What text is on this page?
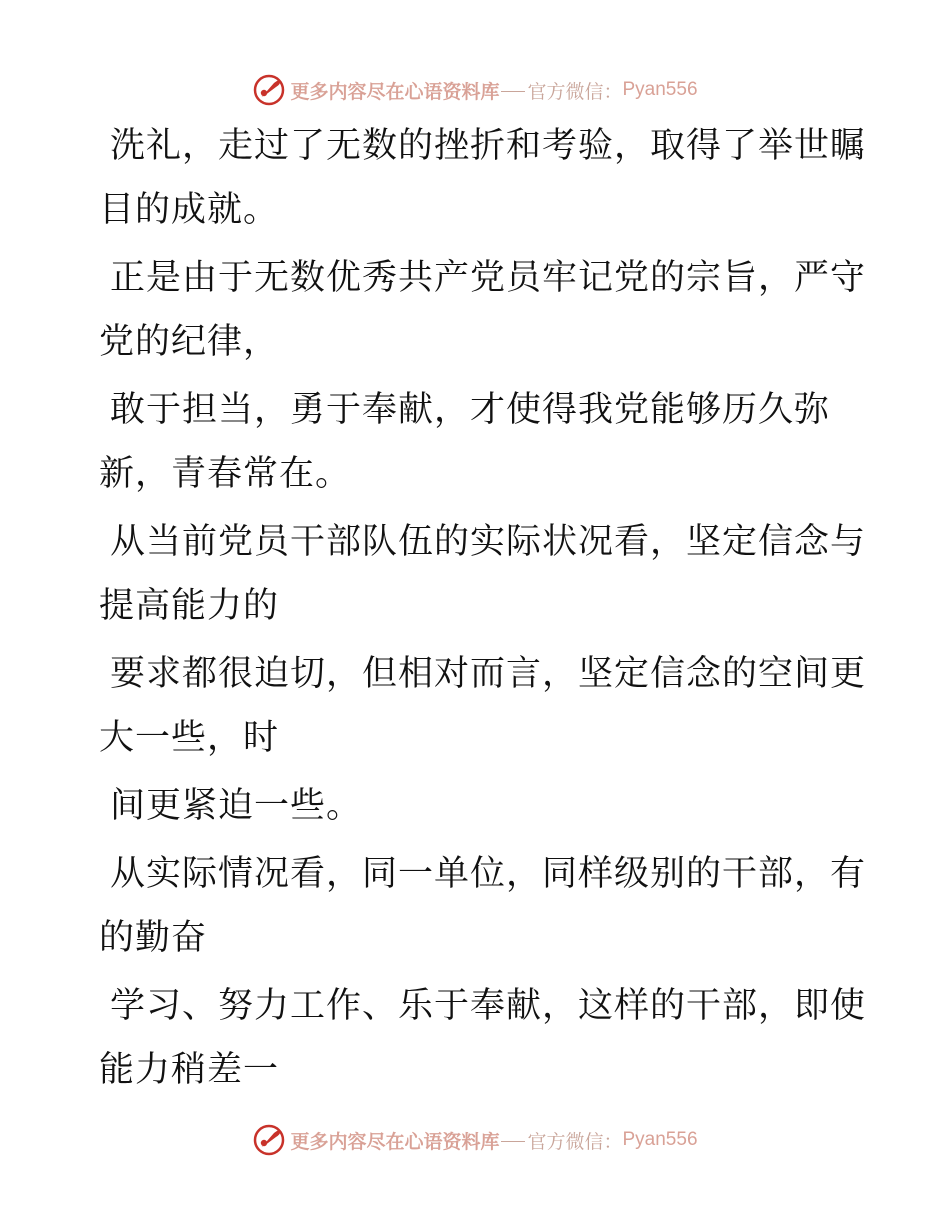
更多内容尽在心语资料库 官方微信： Pyan556
洗礼，走过了无数的挫折和考验，取得了举世瞩
目的成就。
正是由于无数优秀共产党员牢记党的宗旨，严守
党的纪律，
敢于担当，勇于奉献，才使得我党能够历久弥
新，青春常在。
从当前党员干部队伍的实际状况看，坚定信念与
提高能力的
要求都很迫切，但相对而言，坚定信念的空间更
大一些，时
间更紧迫一些。
从实际情况看，同一单位，同样级别的干部，有
的勤奋
学习、努力工作、乐于奉献，这样的干部，即使
能力稍差一
更多内容尽在心语资料库 官方微信： Pyan556
